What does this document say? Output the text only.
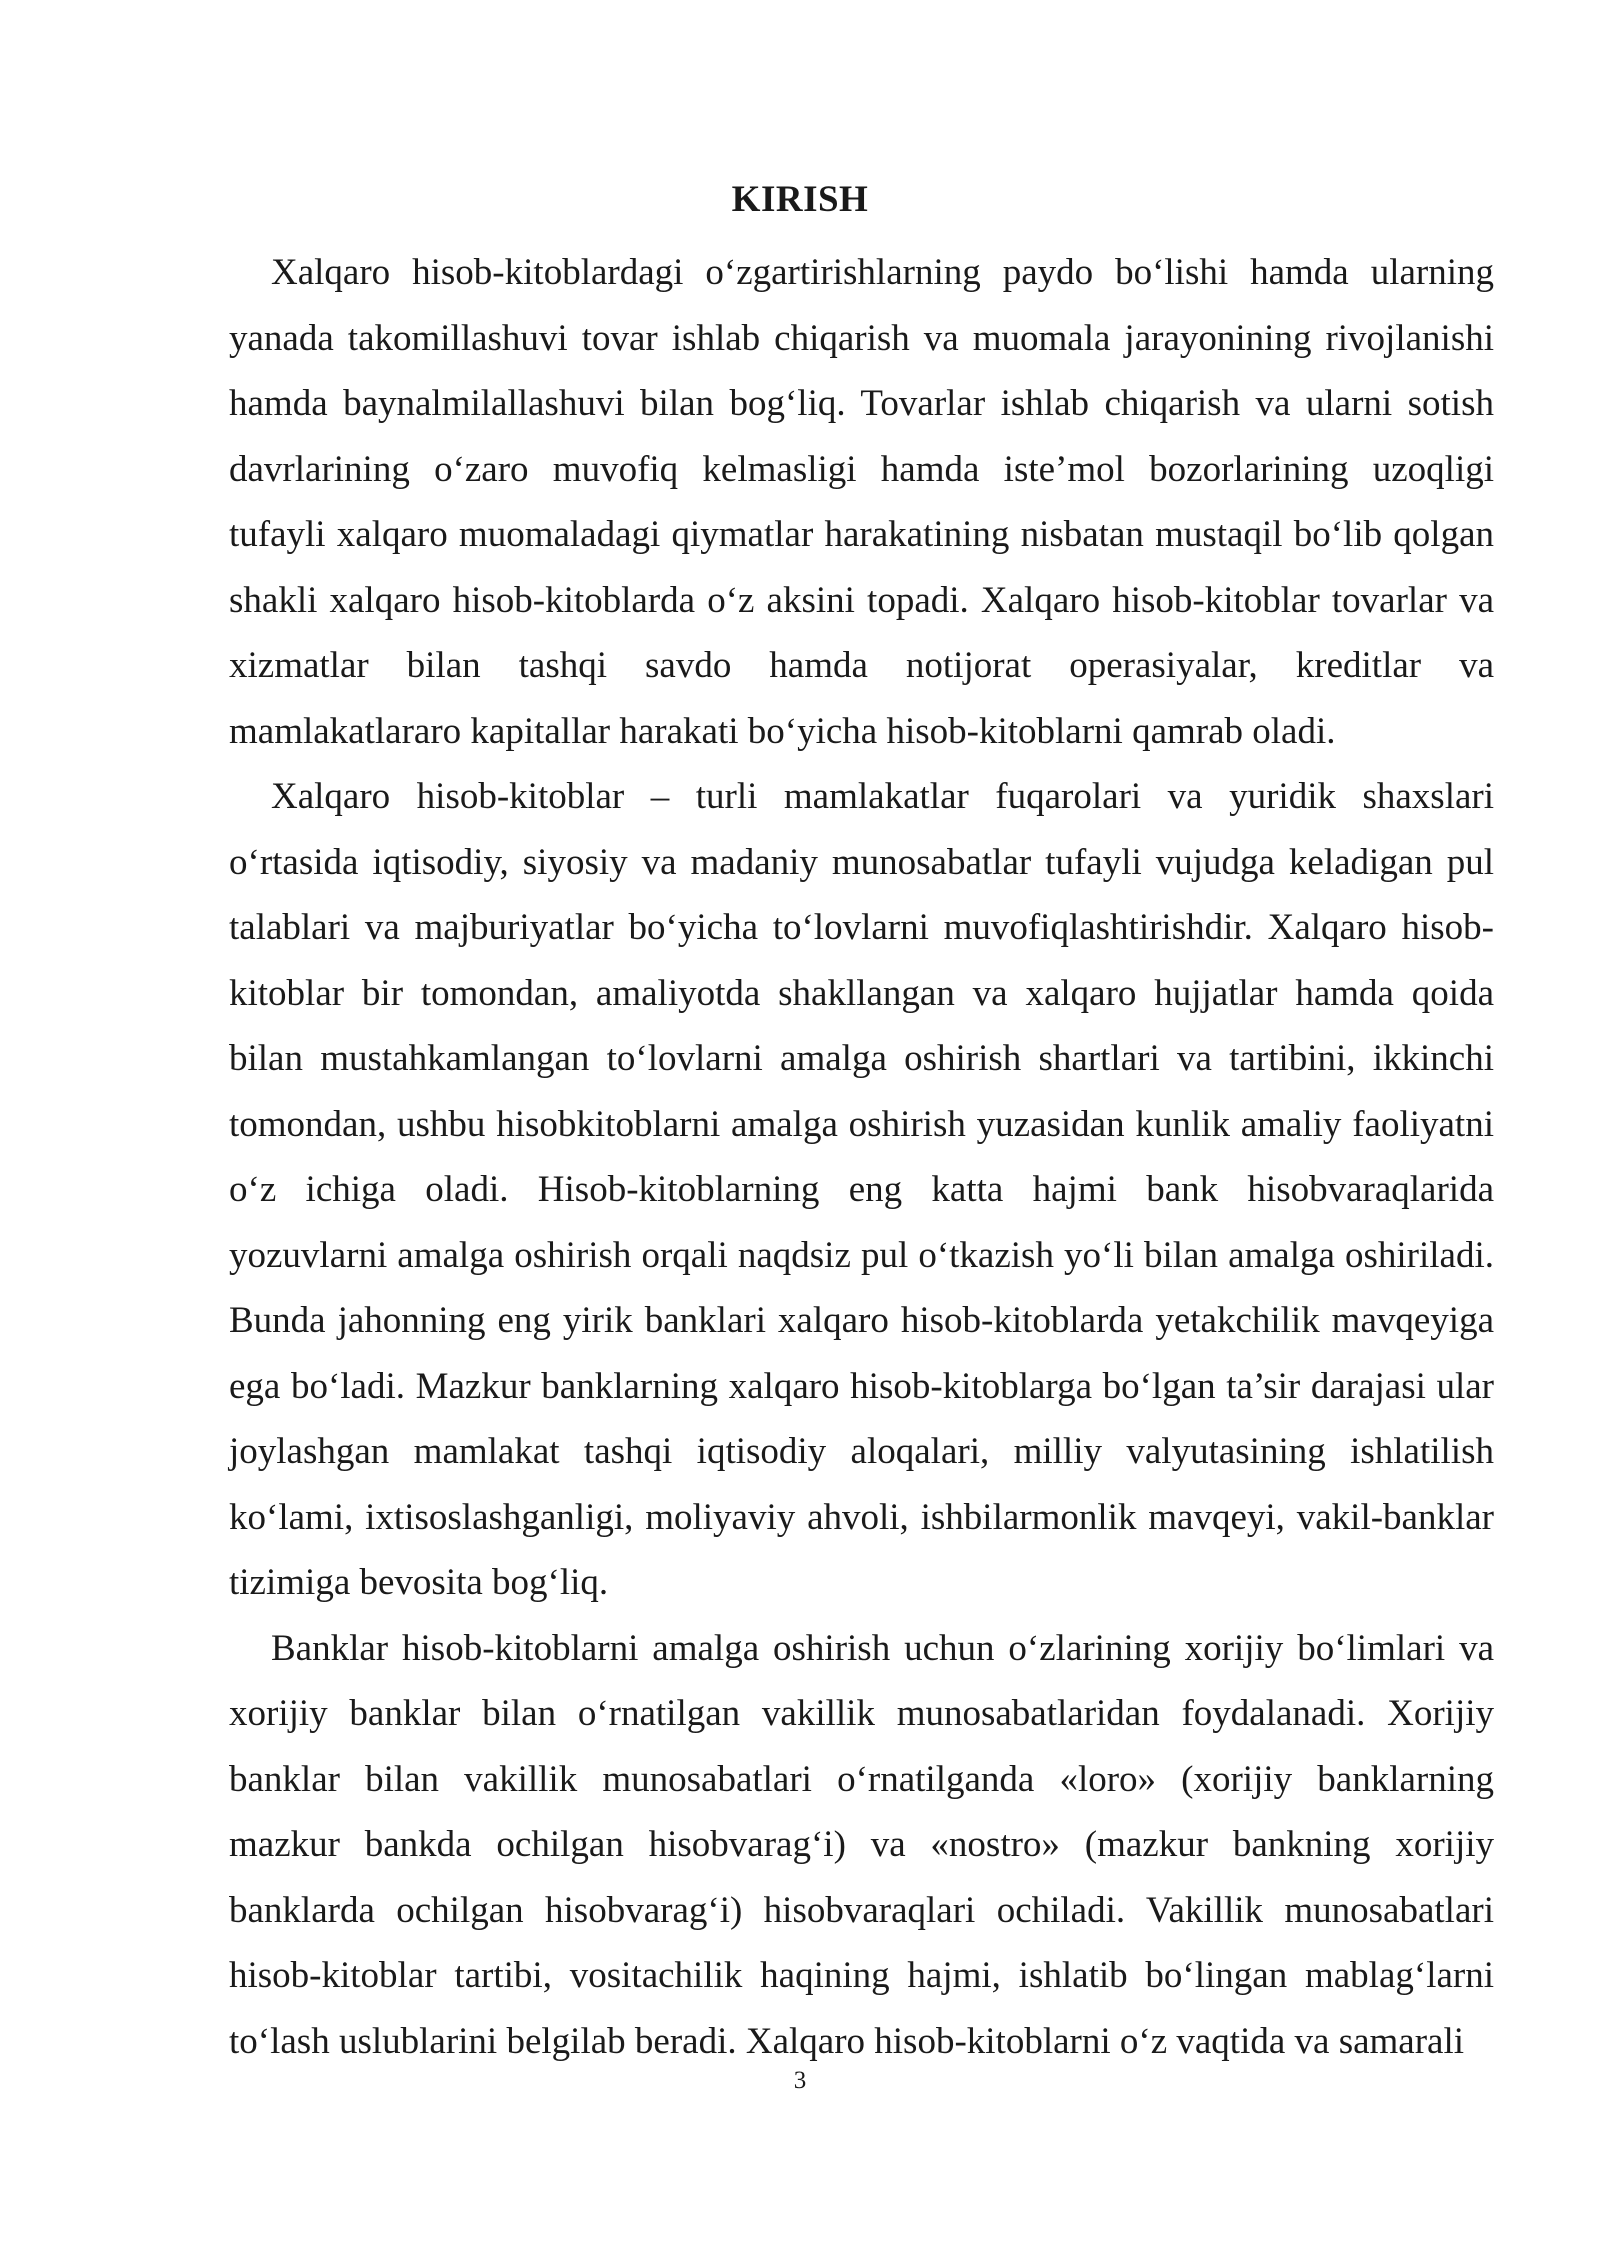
KIRISH

Xalqaro hisob-kitoblardagi o‘zgartirishlarning paydo bo‘lishi hamda ularning yanada takomillashuvi tovar ishlab chiqarish va muomala jarayonining rivojlanishi hamda baynalmilallashuvi bilan bog‘liq. Tovarlar ishlab chiqarish va ularni sotish davrlarining o‘zaro muvofiq kelmasligi hamda iste’mol bozorlarining uzoqligi tufayli xalqaro muomaladagi qiymatlar harakatining nisbatan mustaqil bo‘lib qolgan shakli xalqaro hisob-kitoblarda o‘z aksini topadi. Xalqaro hisob-kitoblar tovarlar va xizmatlar bilan tashqi savdo hamda notijorat operasiyalar, kreditlar va mamlakatlararo kapitallar harakati bo‘yicha hisob-kitoblarni qamrab oladi.

Xalqaro hisob-kitoblar – turli mamlakatlar fuqarolari va yuridik shaxslari o‘rtasida iqtisodiy, siyosiy va madaniy munosabatlar tufayli vujudga keladigan pul talablari va majburiyatlar bo‘yicha to‘lovlarni muvofiqlashtirishdir. Xalqaro hisob-kitoblar bir tomondan, amaliyotda shakllangan va xalqaro hujjatlar hamda qoida bilan mustahkamlangan to‘lovlarni amalga oshirish shartlari va tartibini, ikkinchi tomondan, ushbu hisobkitoblarni amalga oshirish yuzasidan kunlik amaliy faoliyatni o‘z ichiga oladi. Hisob-kitoblarning eng katta hajmi bank hisobvaraqlarida yozuvlarni amalga oshirish orqali naqdsiz pul o‘tkazish yo‘li bilan amalga oshiriladi. Bunda jahonning eng yirik banklari xalqaro hisob-kitoblarda yetakchilik mavqeyiga ega bo‘ladi. Mazkur banklarning xalqaro hisob-kitoblarga bo‘lgan ta’sir darajasi ular joylashgan mamlakat tashqi iqtisodiy aloqalari, milliy valyutasining ishlatilish ko‘lami, ixtisoslashganligi, moliyaviy ahvoli, ishbilarmonlik mavqeyi, vakil-banklar tizimiga bevosita bog‘liq.

Banklar hisob-kitoblarni amalga oshirish uchun o‘zlarining xorijiy bo‘limlari va xorijiy banklar bilan o‘rnatilgan vakillik munosabatlaridan foydalanadi. Xorijiy banklar bilan vakillik munosabatlari o‘rnatilganda «loro» (xorijiy banklarning mazkur bankda ochilgan hisobvarag‘i) va «nostro» (mazkur bankning xorijiy banklarda ochilgan hisobvarag‘i) hisobvaraqlari ochiladi. Vakillik munosabatlari hisob-kitoblar tartibi, vositachilik haqining hajmi, ishlatib bo‘lingan mablag‘larni to‘lash uslublarini belgilab beradi. Xalqaro hisob-kitoblarni o‘z vaqtida va samarali

3
